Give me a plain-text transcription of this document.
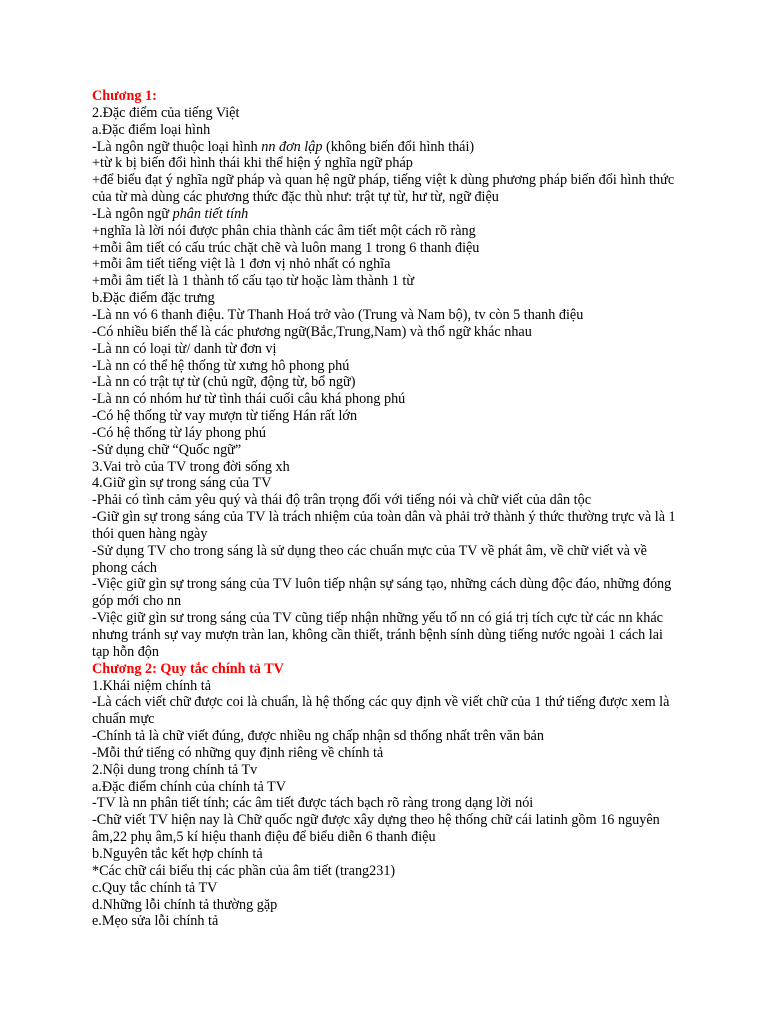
Chương 1:
2.Đặc điểm của tiếng Việt
a.Đặc điểm loại hình
-Là ngôn ngữ thuộc loại hình nn đơn lập (không biến đổi hình thái)
+từ k bị biến đổi hình thái khi thể hiện ý nghĩa ngữ pháp
+để biểu đạt ý nghĩa ngữ pháp và quan hệ ngữ pháp, tiếng việt k dùng phương pháp biến đổi hình thức của từ mà dùng các phương thức đặc thù như: trật tự từ, hư từ, ngữ điệu
-Là ngôn ngữ phân tiết tính
+nghĩa là lời nói được phân chia thành các âm tiết một cách rõ ràng
+mỗi âm tiết có cấu trúc chặt chẽ và luôn mang 1 trong 6 thanh điệu
+mỗi âm tiết tiếng việt là 1 đơn vị nhỏ nhất có nghĩa
+mỗi âm tiết là 1 thành tố cấu tạo từ hoặc làm thành 1 từ
b.Đặc điểm đặc trưng
-Là nn vó 6 thanh điệu. Từ Thanh Hoá trở vào (Trung và Nam bộ), tv còn 5 thanh điệu
-Có nhiều biến thể là các phương ngữ(Bắc,Trung,Nam) và thổ ngữ khác nhau
-Là nn có loại từ/ danh từ đơn vị
-Là nn có thể hệ thống từ xưng hô phong phú
-Là nn có trật tự từ (chủ ngữ, động từ, bổ ngữ)
-Là nn có nhóm hư từ tình thái cuối câu khá phong phú
-Có hệ thống từ vay mượn từ tiếng Hán rất lớn
-Có hệ thống từ láy phong phú
-Sử dụng chữ “Quốc ngữ”
3.Vai trò của TV trong đời sống xh
4.Giữ gìn sự trong sáng của TV
-Phải có tình cảm yêu quý và thái độ trân trọng đối với tiếng nói và chữ viết của dân tộc
-Giữ gìn sự trong sáng của TV là trách nhiệm của toàn dân và phải trở thành ý thức thường trực và là 1 thói quen hàng ngày
-Sử dụng TV cho trong sáng là sử dụng theo các chuẩn mực của TV về phát âm, về chữ viết và về phong cách
-Việc giữ gìn sự trong sáng của TV luôn tiếp nhận sự sáng tạo, những cách dùng độc đáo, những đóng góp mới cho nn
-Việc giữ gìn sư trong sáng của TV cũng tiếp nhận những yếu tố nn có giá trị tích cực từ các nn khác nhưng tránh sự vay mượn tràn lan, không cần thiết, tránh bệnh sính dùng tiếng nước ngoài 1 cách lai tạp hỗn độn
Chương 2: Quy tắc chính tả TV
1.Khái niệm chính tả
-Là cách viết chữ được coi là chuẩn, là hệ thống các quy định về viết chữ của 1 thứ tiếng được xem là chuẩn mực
-Chính tả là chữ viết đúng, được nhiều ng chấp nhận sd thống nhất trên văn bản
-Mỗi thứ tiếng có những quy định riêng về chính tả
2.Nội dung trong chính tả Tv
a.Đặc điểm chính của chính tả TV
-TV là nn phân tiết tính; các âm tiết được tách bạch rõ ràng trong dạng lời nói
-Chữ viết TV hiện nay là Chữ quốc ngữ được xây dựng theo hệ thống chữ cái latinh gồm 16 nguyên âm,22 phụ âm,5 kí hiệu thanh điệu để biểu diễn 6 thanh điệu
b.Nguyên tắc kết hợp chính tả
*Các chữ cái biểu thị các phần của âm tiết (trang231)
c.Quy tắc chính tả TV
d.Những lỗi chính tả thường gặp
e.Mẹo sửa lỗi chính tả
